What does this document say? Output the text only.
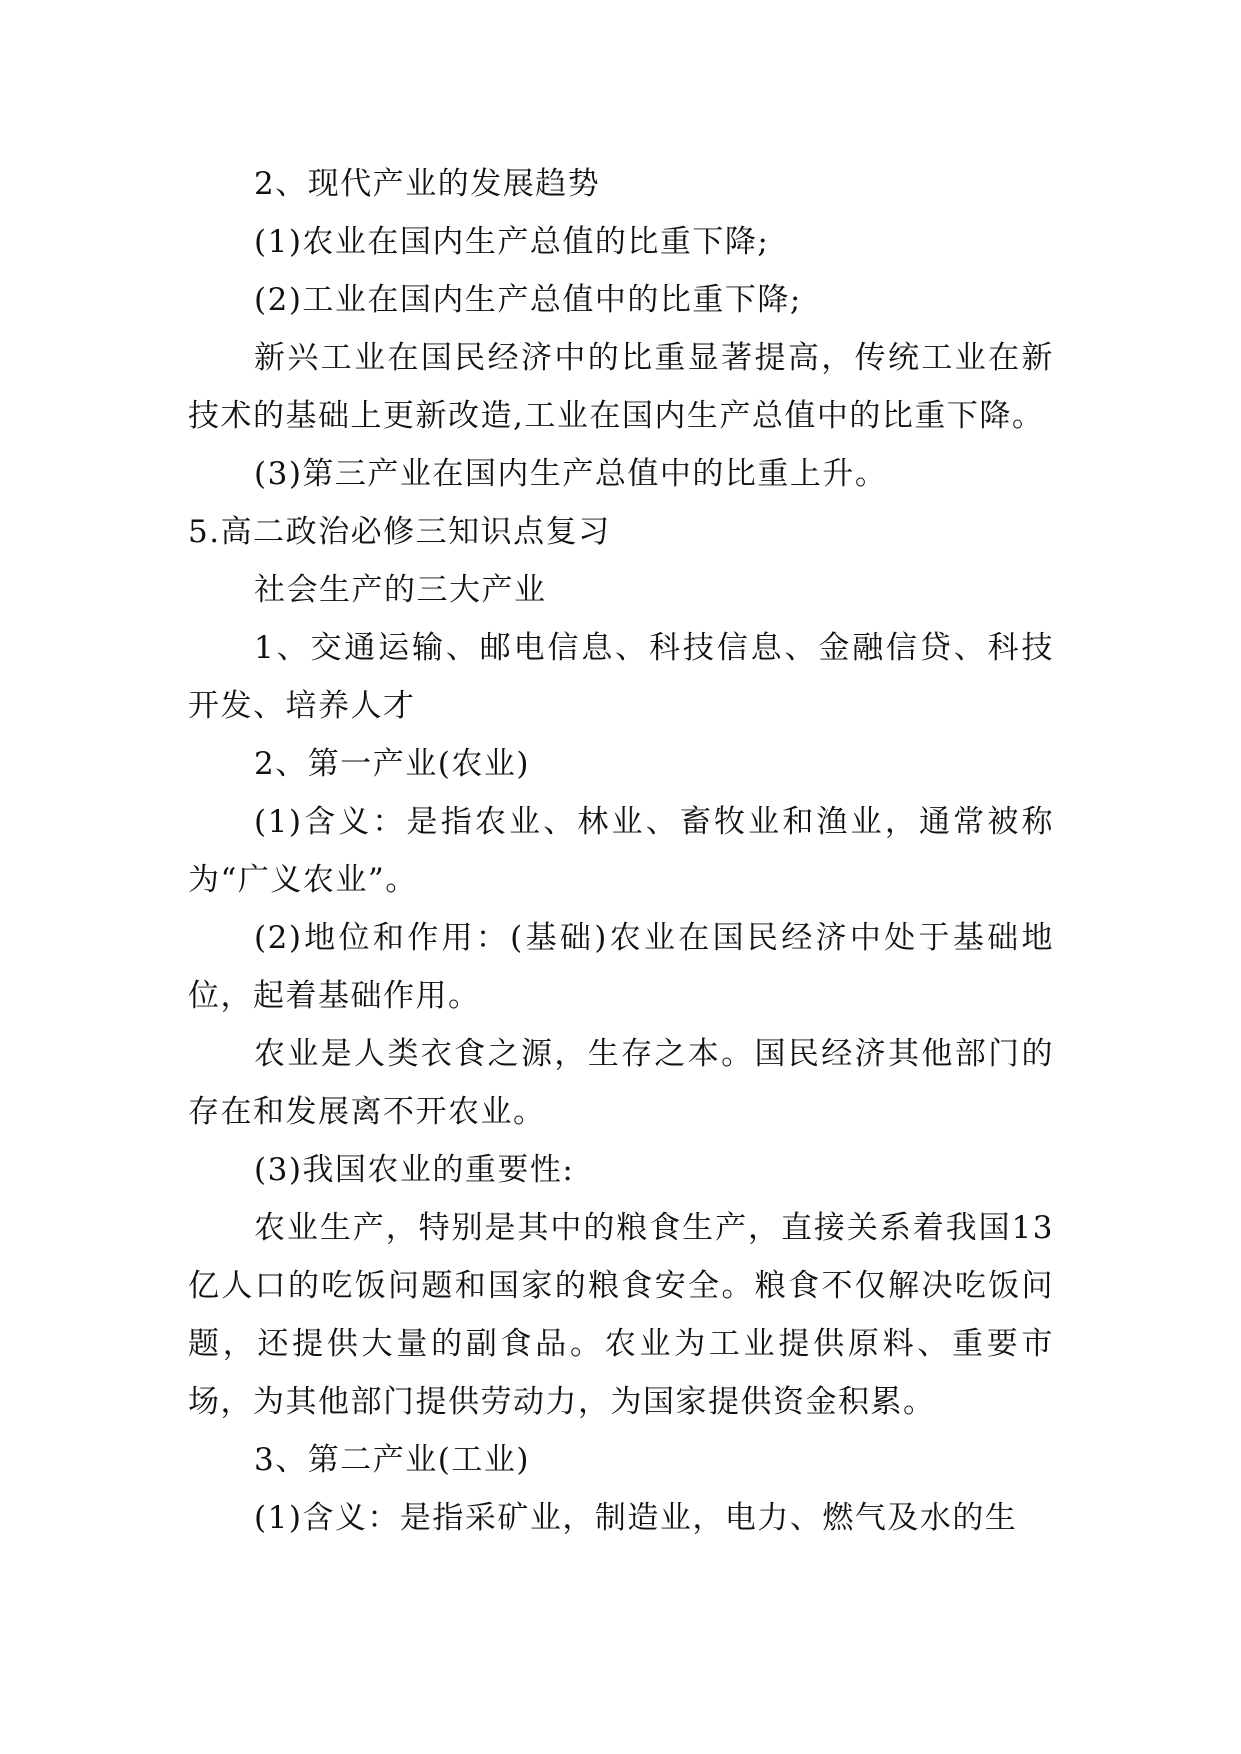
2、现代产业的发展趋势

(1)农业在国内生产总值的比重下降;

(2)工业在国内生产总值中的比重下降;

新兴工业在国民经济中的比重显著提高，传统工业在新技术的基础上更新改造,工业在国内生产总值中的比重下降。

(3)第三产业在国内生产总值中的比重上升。

5.高二政治必修三知识点复习

社会生产的三大产业

1、交通运输、邮电信息、科技信息、金融信贷、科技开发、培养人才

2、第一产业(农业)

(1)含义：是指农业、林业、畜牧业和渔业，通常被称为“广义农业”。

(2)地位和作用：(基础)农业在国民经济中处于基础地位，起着基础作用。

农业是人类衣食之源，生存之本。国民经济其他部门的存在和发展离不开农业。

(3)我国农业的重要性:

农业生产，特别是其中的粮食生产，直接关系着我国13亿人口的吃饭问题和国家的粮食安全。粮食不仅解决吃饭问题，还提供大量的副食品。农业为工业提供原料、重要市场，为其他部门提供劳动力，为国家提供资金积累。

3、第二产业(工业)

(1)含义：是指采矿业，制造业，电力、燃气及水的生
